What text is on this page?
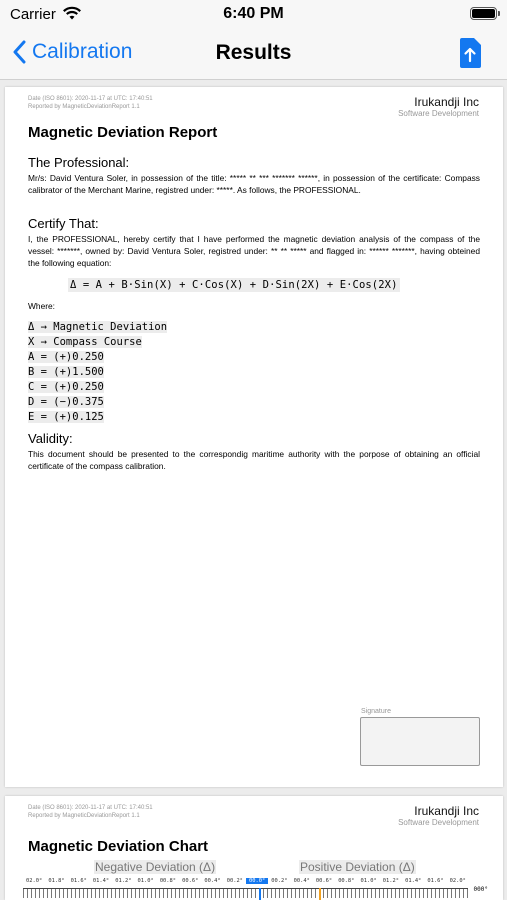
Carrier	6:40 PM
Calibration	Results
Date (ISO 8601): 2020-11-17 at UTC: 17:40:51
Reported by MagneticDeviationReport 1.1	Irukandji Inc
Software Development
Magnetic Deviation Report
The Professional:
Mr/s: David Ventura Soler, in possession of the title: ***** ** *** ******* ******, in possession of the certificate: Compass calibrator of the Merchant Marine, registred under: *****. As follows, the PROFESSIONAL.
Certify That:
I, the PROFESSIONAL, hereby certify that I have performed the magnetic deviation analysis of the compass of the vessel: *******, owned by: David Ventura Soler, registred under: ** ** ***** and flagged in: ****** *******, having obteined the following equation:
Δ = A + B·Sin(X) + C·Cos(X) + D·Sin(2X) + E·Cos(2X)
Where:
Δ → Magnetic Deviation
X → Compass Course
A = (+)0.250
B = (+)1.500
C = (+)0.250
D = (−)0.375
E = (+)0.125
Validity:
This document should be presented to the correspondig maritime authority with the porpose of obtaining an official certificate of the compass calibration.
Signature
Date (ISO 8601): 2020-11-17 at UTC: 17:40:51
Reported by MagneticDeviationReport 1.1	Irukandji Inc
Software Development
Magnetic Deviation Chart
Negative Deviation (Δ)	Positive Deviation (Δ)
02.0° 01.8° 01.6° 01.4° 01.2° 01.0° 00.8° 00.6° 00.4° 00.2° 00.0° 00.2° 00.4° 00.6° 00.8° 01.0° 01.2° 01.4° 01.6° 02.0°
000°
